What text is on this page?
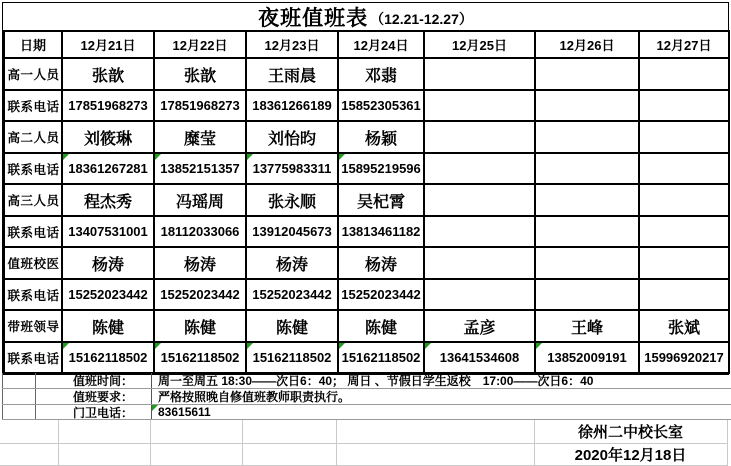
夜班值班表 （12.21-12.27）
日期	12月21日	12月22日	12月23日	12月24日	12月25日	12月26日	12月27日
高一人员	张歆	张歆	王雨晨	邓翡			
联系电话	17851968273	17851968273	18361266189	15852305361			
高二人员	刘筱琳	糜莹	刘怡昀	杨颖			
联系电话	18361267281	13852151357	13775983311	15895219596			
高三人员	程杰秀	冯瑶周	张永顺	吴杞霄			
联系电话	13407531001	18112033066	13912045673	13813461182			
值班校医	杨涛	杨涛	杨涛	杨涛			
联系电话	15252023442	15252023442	15252023442	15252023442			
带班领导	陈健	陈健	陈健	陈健	孟彦	王峰	张斌
联系电话	15162118502	15162118502	15162118502	15162118502	13641534608	13852009191	15996920217
值班时间：	周一至周五 18:30——次日6：40； 周日 、节假日学生返校　17:00——次日6：40
值班要求：	严格按照晚自修值班教师职责执行。
门卫电话：	83615611
徐州二中校长室
2020年12月18日
